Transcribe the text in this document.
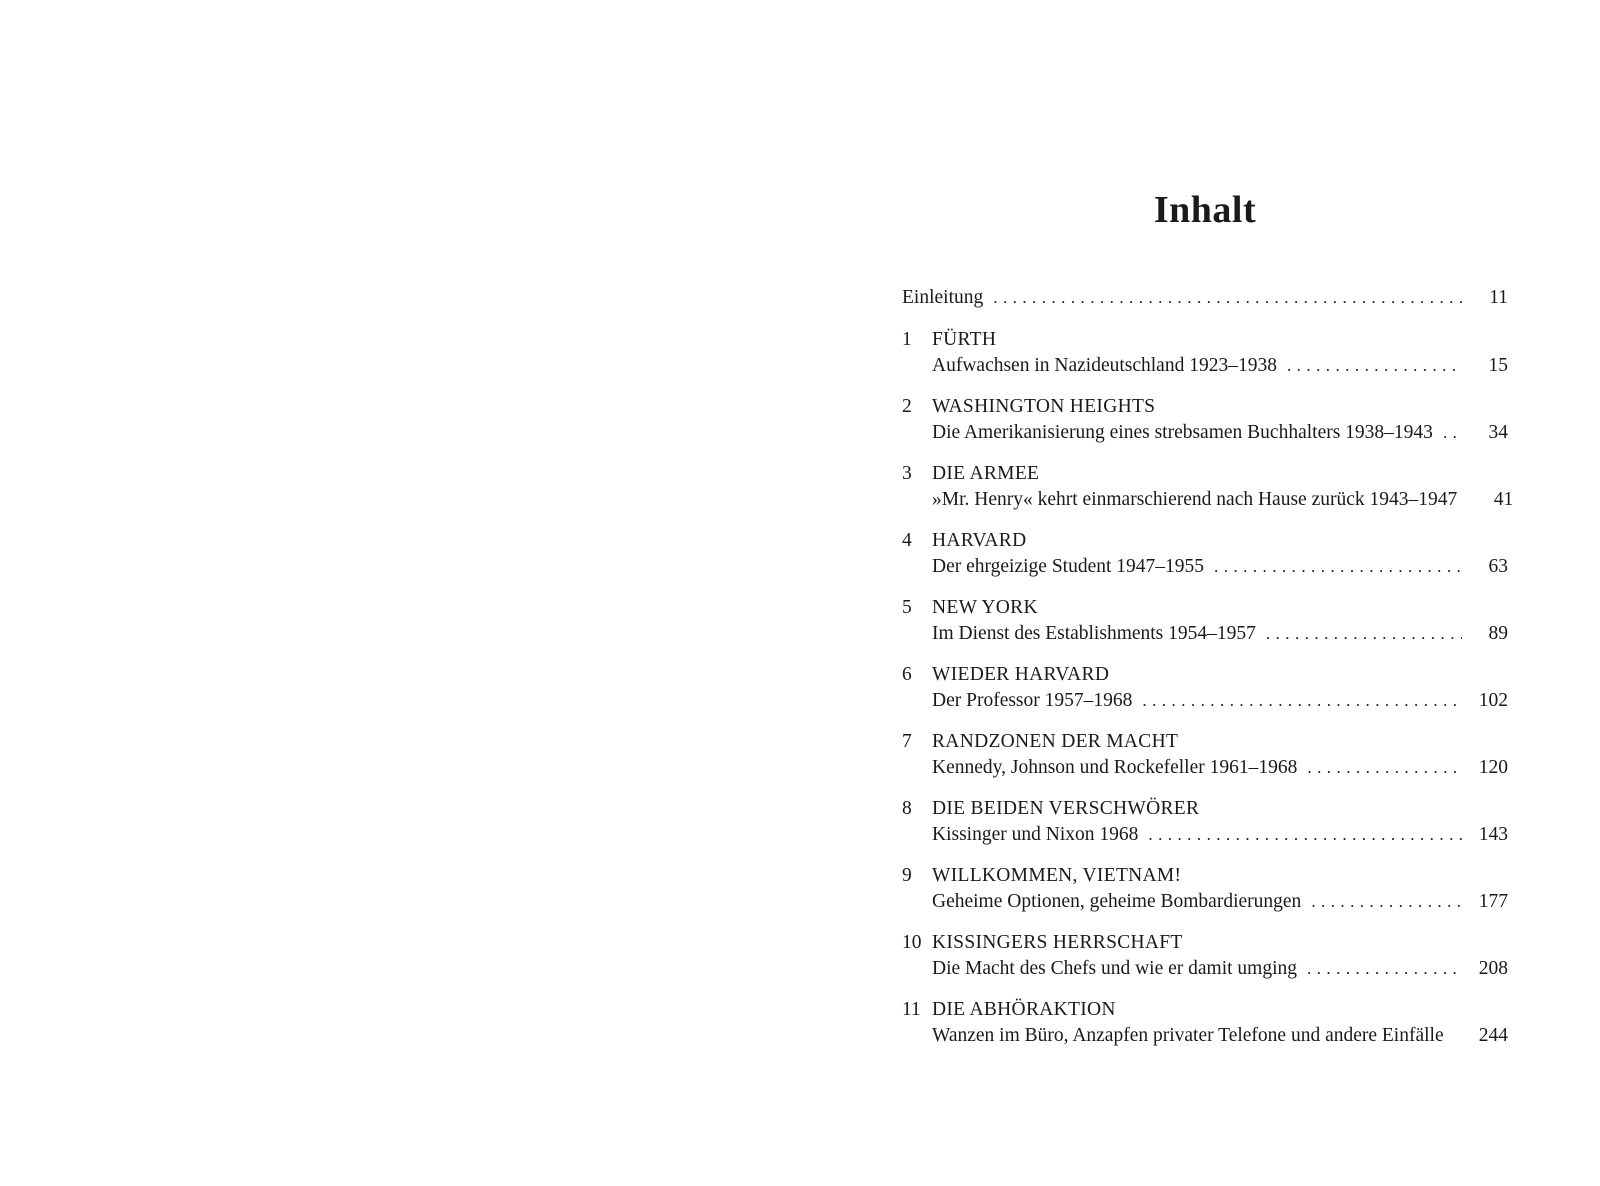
Inhalt
Einleitung . . .	11
1	FÜRTH
Aufwachsen in Nazideutschland 1923–1938 . . .	15
2	WASHINGTON HEIGHTS
Die Amerikanisierung eines strebsamen Buchhalters 1938–1943 . . .	34
3	DIE ARMEE
»Mr. Henry« kehrt einmarschierend nach Hause zurück 1943–1947	41
4	HARVARD
Der ehrgeizige Student 1947–1955 . . .	63
5	NEW YORK
Im Dienst des Establishments 1954–1957 . . .	89
6	WIEDER HARVARD
Der Professor 1957–1968 . . .	102
7	RANDZONEN DER MACHT
Kennedy, Johnson und Rockefeller 1961–1968 . . .	120
8	DIE BEIDEN VERSCHWÖRER
Kissinger und Nixon 1968 . . .	143
9	WILLKOMMEN, VIETNAM!
Geheime Optionen, geheime Bombardierungen . . .	177
10 KISSINGERS HERRSCHAFT
Die Macht des Chefs und wie er damit umging . . .	208
11 DIE ABHÖRAKTION
Wanzen im Büro, Anzapfen privater Telefone und andere Einfälle	244
